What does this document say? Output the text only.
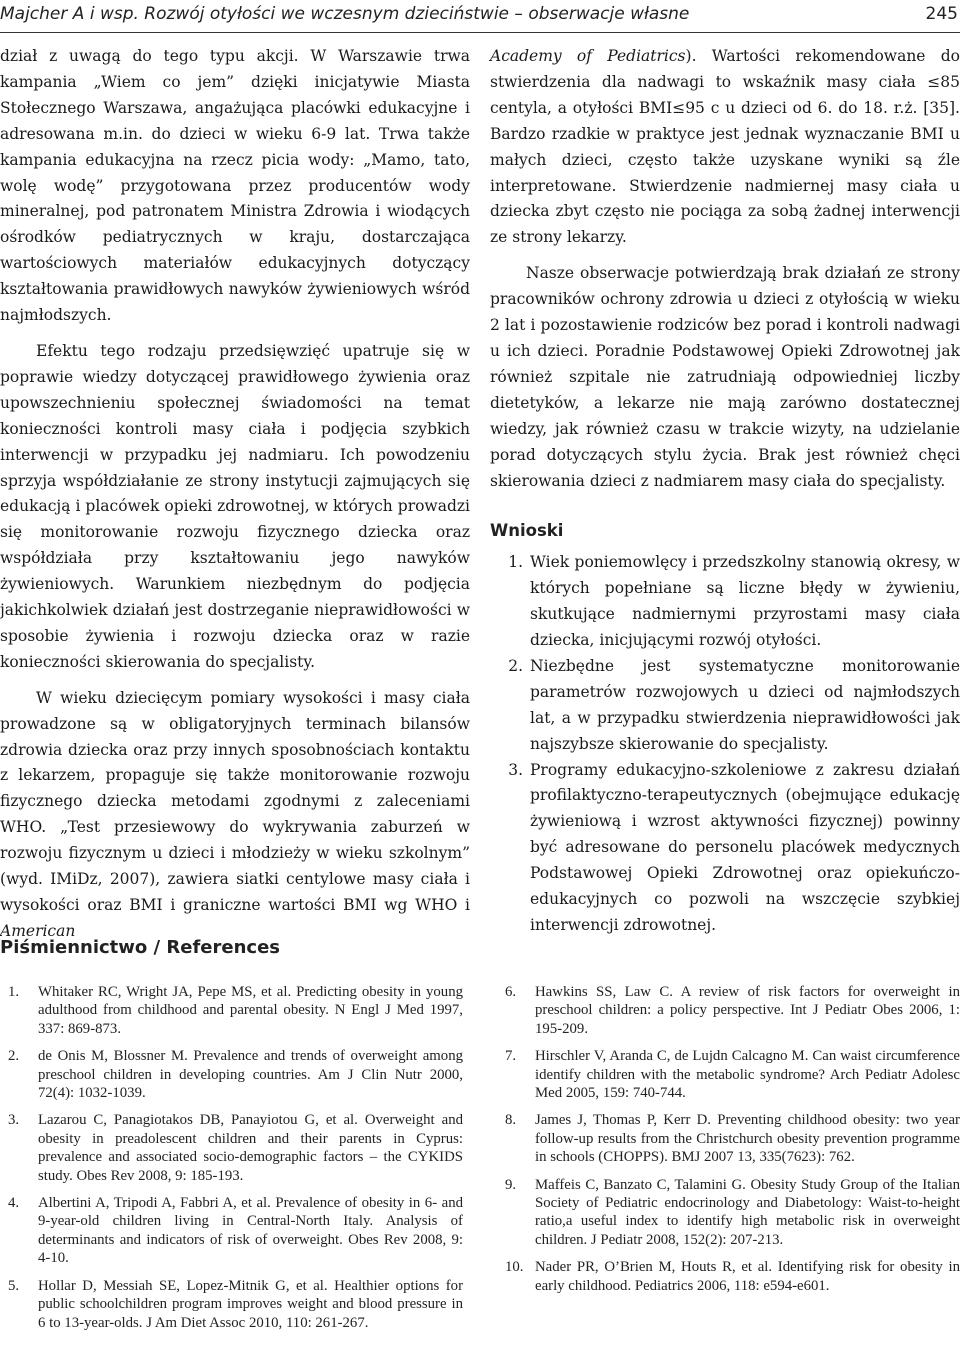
Majcher A i wsp. Rozwój otyłości we wczesnym dzieciństwie – obserwacje własne	245

dział z uwagą do tego typu akcji. W Warszawie trwa kampania „Wiem co jem” dzięki inicjatywie Miasta Stołecznego Warszawa, angażująca placówki edukacyjne i adresowana m.in. do dzieci w wieku 6-9 lat. Trwa także kampania edukacyjna na rzecz picia wody: „Mamo, tato, wolę wodę” przygotowana przez producentów wody mineralnej, pod patronatem Ministra Zdrowia i wiodących ośrodków pediatrycznych w kraju, dostarczająca wartościowych materiałów edukacyjnych dotyczący kształtowania prawidłowych nawyków żywieniowych wśród najmłodszych.

Efektu tego rodzaju przedsięwzięć upatruje się w poprawie wiedzy dotyczącej prawidłowego żywienia oraz upowszechnieniu społecznej świadomości na temat konieczności kontroli masy ciała i podjęcia szybkich interwencji w przypadku jej nadmiaru. Ich powodzeniu sprzyja współdziałanie ze strony instytucji zajmujących się edukacją i placówek opieki zdrowotnej, w których prowadzi się monitorowanie rozwoju fizycznego dziecka oraz współdziała przy kształtowaniu jego nawyków żywieniowych. Warunkiem niezbędnym do podjęcia jakichkolwiek działań jest dostrzeganie nieprawidłowości w sposobie żywienia i rozwoju dziecka oraz w razie konieczności skierowania do specjalisty.

W wieku dziecięcym pomiary wysokości i masy ciała prowadzone są w obligatoryjnych terminach bilansów zdrowia dziecka oraz przy innych sposobnościach kontaktu z lekarzem, propaguje się także monitorowanie rozwoju fizycznego dziecka metodami zgodnymi z zaleceniami WHO. „Test przesiewowy do wykrywania zaburzeń w rozwoju fizycznym u dzieci i młodzieży w wieku szkolnym” (wyd. IMiDz, 2007), zawiera siatki centylowe masy ciała i wysokości oraz BMI i graniczne wartości BMI wg WHO i American

Academy of Pediatrics). Wartości rekomendowane do stwierdzenia dla nadwagi to wskaźnik masy ciała ≤85 centyla, a otyłości BMI≤95 c u dzieci od 6. do 18. r.ż. [35]. Bardzo rzadkie w praktyce jest jednak wyznaczanie BMI u małych dzieci, często także uzyskane wyniki są źle interpretowane. Stwierdzenie nadmiernej masy ciała u dziecka zbyt często nie pociąga za sobą żadnej interwencji ze strony lekarzy.

Nasze obserwacje potwierdzają brak działań ze strony pracowników ochrony zdrowia u dzieci z otyłością w wieku 2 lat i pozostawienie rodziców bez porad i kontroli nadwagi u ich dzieci. Poradnie Podstawowej Opieki Zdrowotnej jak również szpitale nie zatrudniają odpowiedniej liczby dietetyków, a lekarze nie mają zarówno dostatecznej wiedzy, jak również czasu w trakcie wizyty, na udzielanie porad dotyczących stylu życia. Brak jest również chęci skierowania dzieci z nadmiarem masy ciała do specjalisty.

Wnioski
1. Wiek poniemowlęcy i przedszkolny stanowią okresy, w których popełniane są liczne błędy w żywieniu, skutkujące nadmiernymi przyrostami masy ciała dziecka, inicjującymi rozwój otyłości.
2. Niezbędne jest systematyczne monitorowanie parametrów rozwojowych u dzieci od najmłodszych lat, a w przypadku stwierdzenia nieprawidłowości jak najszybsze skierowanie do specjalisty.
3. Programy edukacyjno-szkoleniowe z zakresu działań profilaktyczno-terapeutycznych (obejmujące edukację żywieniową i wzrost aktywności fizycznej) powinny być adresowane do personelu placówek medycznych Podstawowej Opieki Zdrowotnej oraz opiekuńczo-edukacyjnych co pozwoli na wszczęcie szybkiej interwencji zdrowotnej.
Piśmiennictwo / References
1. Whitaker RC, Wright JA, Pepe MS, et al. Predicting obesity in young adulthood from childhood and parental obesity. N Engl J Med 1997, 337: 869-873.
2. de Onis M, Blossner M. Prevalence and trends of overweight among preschool children in developing countries. Am J Clin Nutr 2000, 72(4): 1032-1039.
3. Lazarou C, Panagiotakos DB, Panayiotou G, et al. Overweight and obesity in preadolescent children and their parents in Cyprus: prevalence and associated socio-demographic factors – the CYKIDS study. Obes Rev 2008, 9: 185-193.
4. Albertini A, Tripodi A, Fabbri A, et al. Prevalence of obesity in 6- and 9-year-old children living in Central-North Italy. Analysis of determinants and indicators of risk of overweight. Obes Rev 2008, 9: 4-10.
5. Hollar D, Messiah SE, Lopez-Mitnik G, et al. Healthier options for public schoolchildren program improves weight and blood pressure in 6 to 13-year-olds. J Am Diet Assoc 2010, 110: 261-267.
6. Hawkins SS, Law C. A review of risk factors for overweight in preschool children: a policy perspective. Int J Pediatr Obes 2006, 1: 195-209.
7. Hirschler V, Aranda C, de Lujdn Calcagno M. Can waist circumference identify children with the metabolic syndrome? Arch Pediatr Adolesc Med 2005, 159: 740-744.
8. James J, Thomas P, Kerr D. Preventing childhood obesity: two year follow-up results from the Christchurch obesity prevention programme in schools (CHOPPS). BMJ 2007 13, 335(7623): 762.
9. Maffeis C, Banzato C, Talamini G. Obesity Study Group of the Italian Society of Pediatric endocrinology and Diabetology: Waist-to-height ratio,a useful index to identify high metabolic risk in overweight children. J Pediatr 2008, 152(2): 207-213.
10. Nader PR, O’Brien M, Houts R, et al. Identifying risk for obesity in early childhood. Pediatrics 2006, 118: e594-e601.
